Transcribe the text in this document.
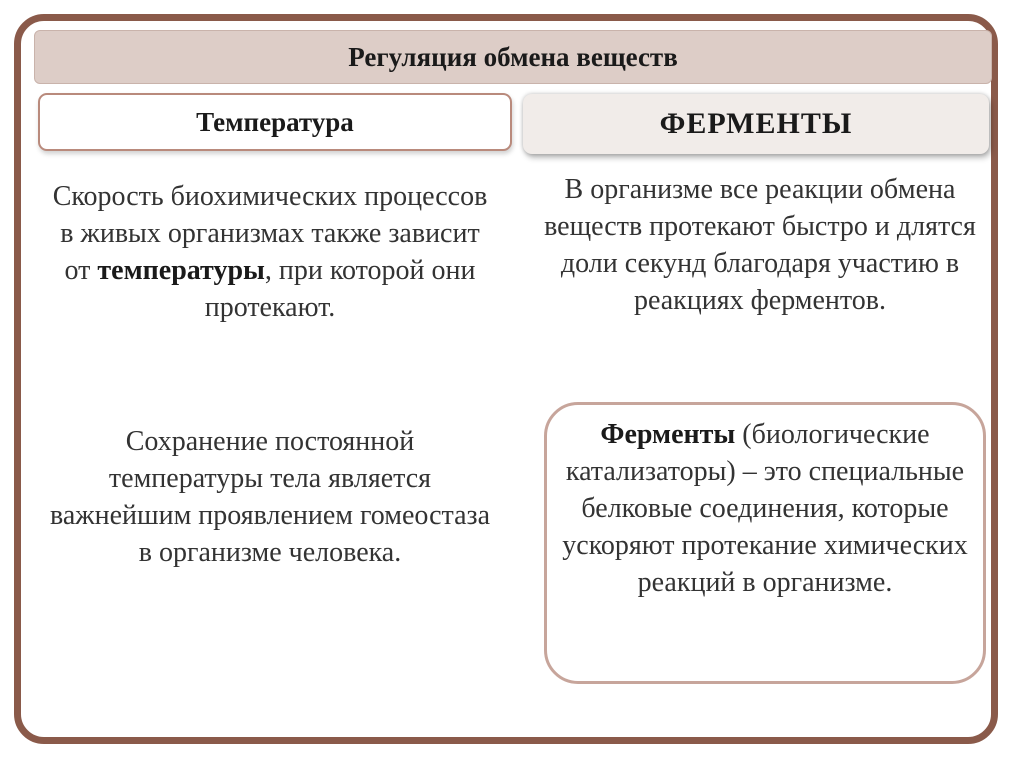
Регуляция обмена веществ
Температура	ФЕРМЕНТЫ
Скорость биохимических процессов в живых организмах также зависит от температуры, при которой они протекают.
Сохранение постоянной температуры тела является важнейшим проявлением гомеостаза в организме человека.
В организме все реакции обмена веществ протекают быстро и длятся доли секунд благодаря участию в реакциях ферментов.
Ферменты (биологические катализаторы) – это специальные белковые соединения, которые ускоряют протекание химических реакций в организме.
